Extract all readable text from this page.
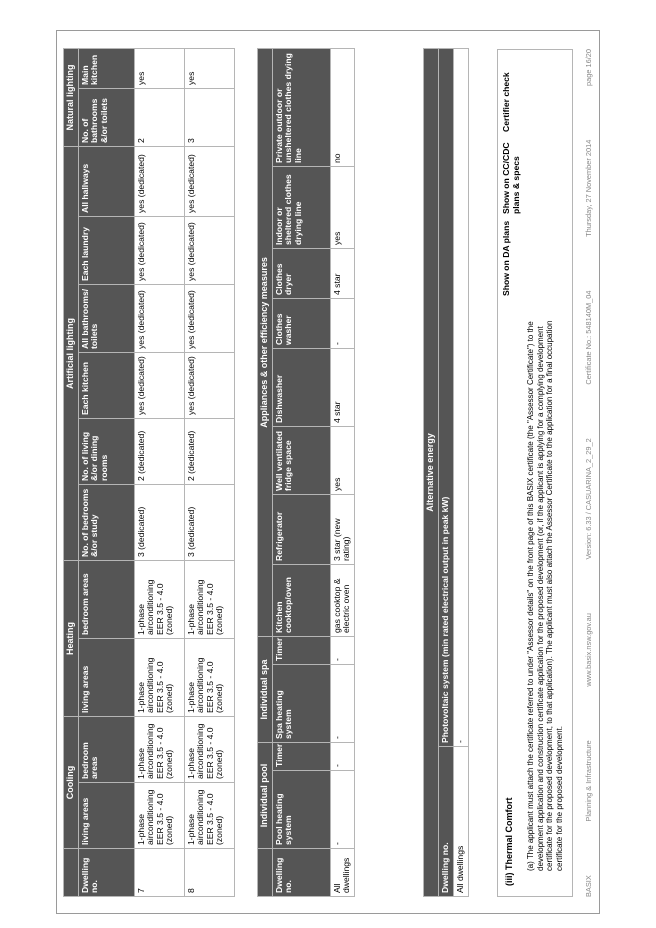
	Cooling		Heating		Artificial lighting						Natural lighting	
Dwelling no.	living areas	bedroom areas	living areas	bedroom areas	No. of bedrooms &/or study	No. of living &/or dining rooms	Each kitchen	All bathrooms/ toilets	Each laundry	All hallways	No. of bathrooms &/or toilets	Main kitchen
7	1-phase airconditioning EER 3.5 - 4.0 (zoned)	1-phase airconditioning EER 3.5 - 4.0 (zoned)	1-phase airconditioning EER 3.5 - 4.0 (zoned)	1-phase airconditioning EER 3.5 - 4.0 (zoned)	3 (dedicated)	2 (dedicated)	yes (dedicated)	yes (dedicated)	yes (dedicated)	yes (dedicated)	2	yes
8	1-phase airconditioning EER 3.5 - 4.0 (zoned)	1-phase airconditioning EER 3.5 - 4.0 (zoned)	1-phase airconditioning EER 3.5 - 4.0 (zoned)	1-phase airconditioning EER 3.5 - 4.0 (zoned)	3 (dedicated)	2 (dedicated)	yes (dedicated)	yes (dedicated)	yes (dedicated)	yes (dedicated)	3	yes
	Individual pool		Individual spa		Appliances & other efficiency measures							
Dwelling no.	Pool heating system	Timer	Spa heating system	Timer	Kitchen cooktop/oven	Refrigerator	Well ventilated fridge space	Dishwasher	Clothes washer	Clothes dryer	Indoor or sheltered clothes drying line	Private outdoor or unsheltered clothes drying line
All dwellings	-	-	-	-	gas cooktop & electric oven	3 star (new rating)	yes	4 star	-	4 star	yes	no
Alternative energy	
Dwelling no.	Photovoltaic system (min rated electrical output in peak kW)
All dwellings	-
(iii) Thermal Comfort
Show on DA plans
Show on CC/CDC plans & specs
Certifier check
(a) The applicant must attach the certificate referred to under "Assessor details" on the front page of this BASIX certificate (the "Assessor Certificate") to the development application and construction certificate application for the proposed development (or, if the applicant is applying for a complying development certificate for the proposed development, to that application). The applicant must also attach the Assessor Certificate to the application for a final occupation certificate for the proposed development.
BASIX
Planning & Infrastructure
www.basix.nsw.gov.au
Version: 6.33 / CASUARINA_2_29_2
Certificate No.: 548140M_04
Thursday, 27 November 2014
page 16/20
